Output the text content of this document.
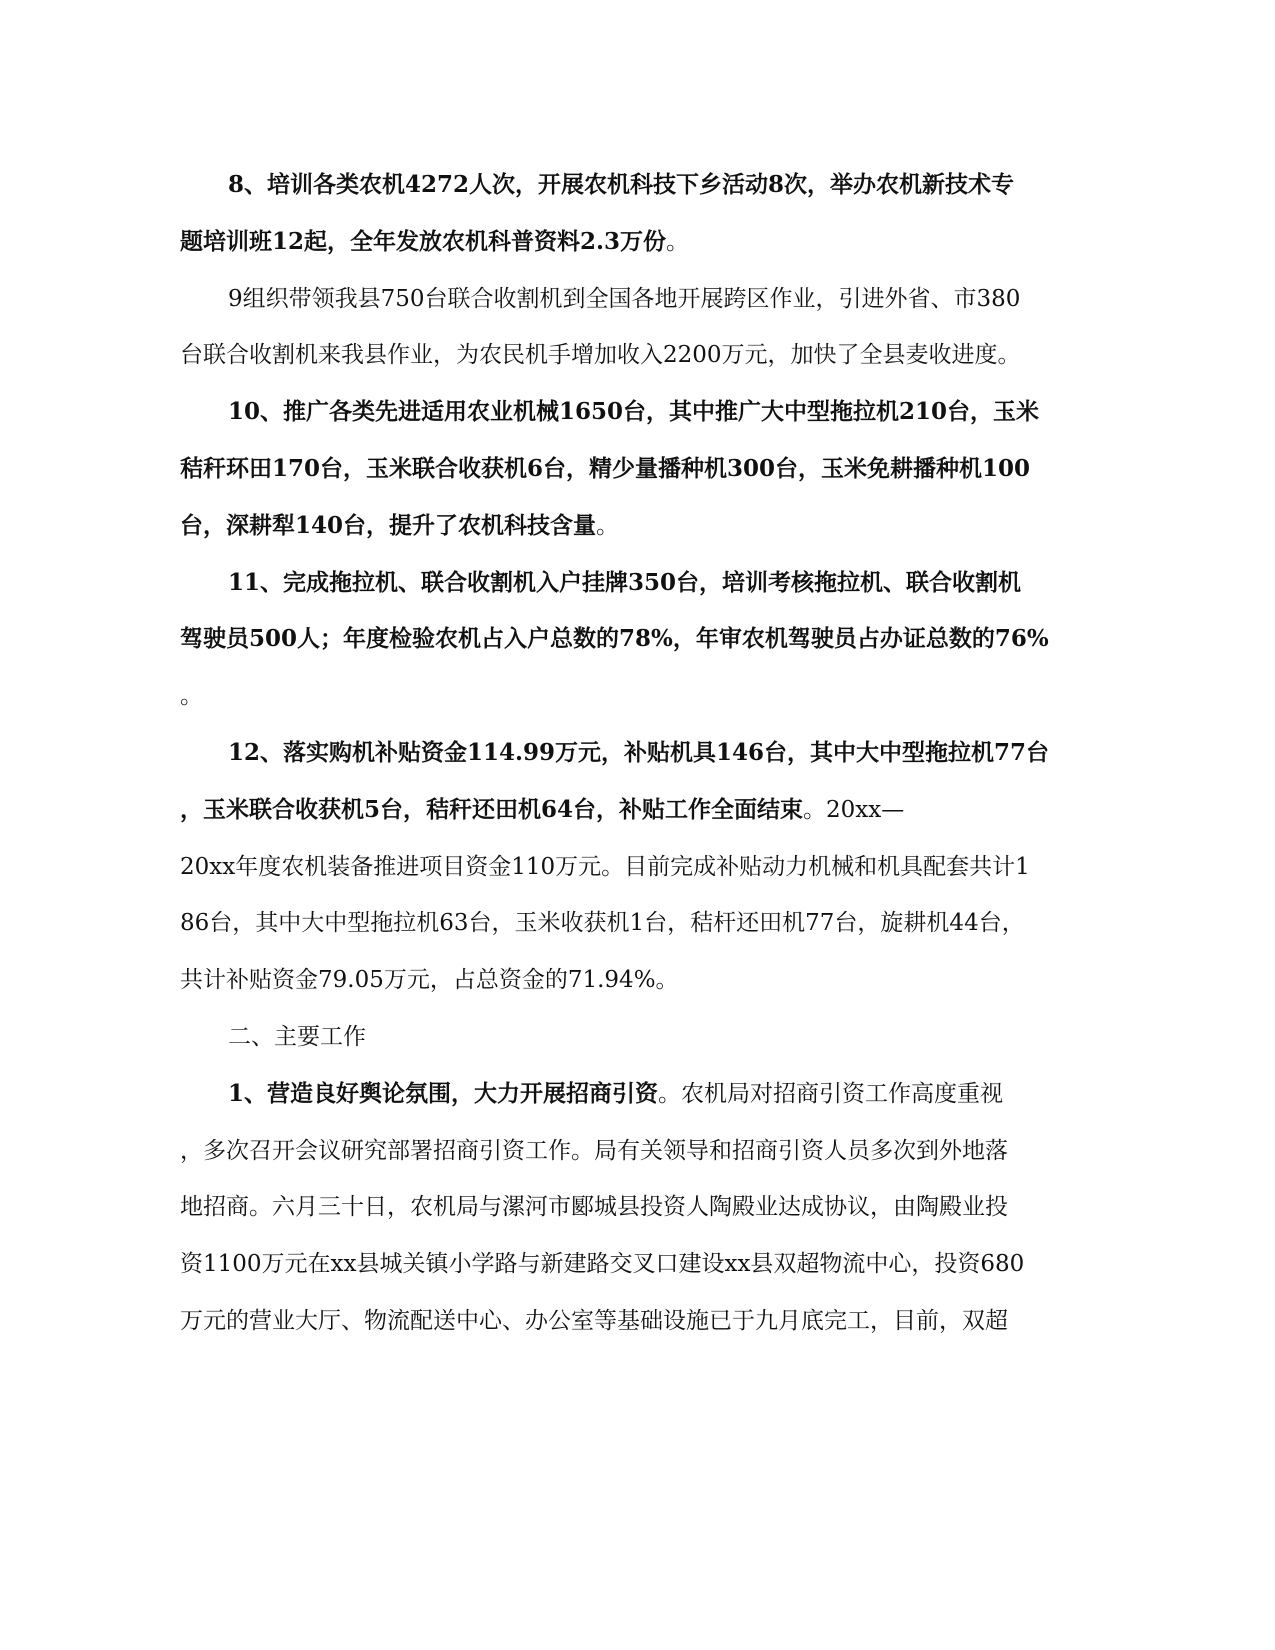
8、培训各类农机4272人次，开展农机科技下乡活动8次，举办农机新技术专
题培训班12起，全年发放农机科普资料2.3万份。
9组织带领我县750台联合收割机到全国各地开展跨区作业，引进外省、市380
台联合收割机来我县作业，为农民机手增加收入2200万元，加快了全县麦收进度。
10、推广各类先进适用农业机械1650台，其中推广大中型拖拉机210台，玉米
秸秆环田170台，玉米联合收获机6台，精少量播种机300台，玉米免耕播种机100
台，深耕犁140台，提升了农机科技含量。
11、完成拖拉机、联合收割机入户挂牌350台，培训考核拖拉机、联合收割机
驾驶员500人；年度检验农机占入户总数的78%，年审农机驾驶员占办证总数的76%
。
12、落实购机补贴资金114.99万元，补贴机具146台，其中大中型拖拉机77台
，玉米联合收获机5台，秸秆还田机64台，补贴工作全面结束。20xx—
20xx年度农机装备推进项目资金110万元。目前完成补贴动力机械和机具配套共计1
86台，其中大中型拖拉机63台，玉米收获机1台，秸杆还田机77台，旋耕机44台，
共计补贴资金79.05万元，占总资金的71.94%。
二、主要工作
1、营造良好舆论氛围，大力开展招商引资。农机局对招商引资工作高度重视
，多次召开会议研究部署招商引资工作。局有关领导和招商引资人员多次到外地落
地招商。六月三十日，农机局与漯河市郾城县投资人陶殿业达成协议，由陶殿业投
资1100万元在xx县城关镇小学路与新建路交叉口建设xx县双超物流中心，投资680
万元的营业大厅、物流配送中心、办公室等基础设施已于九月底完工，目前，双超
